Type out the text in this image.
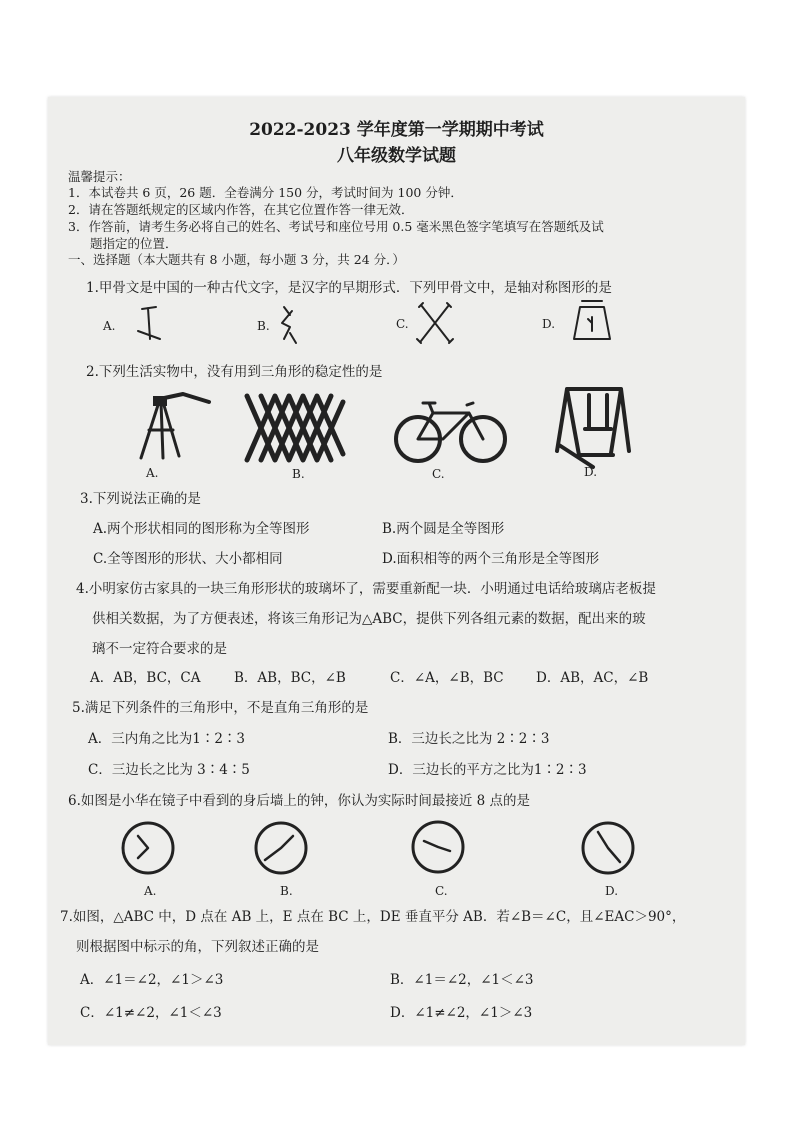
2022-2023 学年度第一学期期中考试
八年级数学试题
温馨提示：
1．本试卷共 6 页，26 题．全卷满分 150 分，考试时间为 100 分钟．
2．请在答题纸规定的区域内作答，在其它位置作答一律无效．
3．作答前，请考生务必将自己的姓名、考试号和座位号用 0.5 毫米黑色签字笔填写在答题纸及试
题指定的位置．
一、选择题（本大题共有 8 小题，每小题 3 分，共 24 分．）
1.甲骨文是中国的一种古代文字，是汉字的早期形式．下列甲骨文中，是轴对称图形的是
A.	B.	C.	D.
2.下列生活实物中，没有用到三角形的稳定性的是
A.	B.	C.	D.
3.下列说法正确的是
A.两个形状相同的图形称为全等图形	B.两个圆是全等图形
C.全等图形的形状、大小都相同	D.面积相等的两个三角形是全等图形
4.小明家仿古家具的一块三角形形状的玻璃坏了，需要重新配一块．小明通过电话给玻璃店老板提
供相关数据，为了方便表述，将该三角形记为△ABC，提供下列各组元素的数据，配出来的玻
璃不一定符合要求的是
A．AB，BC，CA B．AB，BC，∠B	C．∠A，∠B，BC D．AB，AC，∠B
5.满足下列条件的三角形中，不是直角三角形的是
A．三内角之比为1∶2∶3	B．三边长之比为 2∶2∶3
C．三边长之比为 3∶4∶5	D．三边长的平方之比为1∶2∶3
6.如图是小华在镜子中看到的身后墙上的钟，你认为实际时间最接近 8 点的是
A.	B.	C.	D.
7.如图，△ABC 中，D 点在 AB 上，E 点在 BC 上，DE 垂直平分 AB．若∠B＝∠C，且∠EAC＞90°，
则根据图中标示的角，下列叙述正确的是
A．∠1＝∠2，∠1＞∠3	B．∠1＝∠2，∠1＜∠3
C．∠1≠∠2，∠1＜∠3	D．∠1≠∠2，∠1＞∠3
